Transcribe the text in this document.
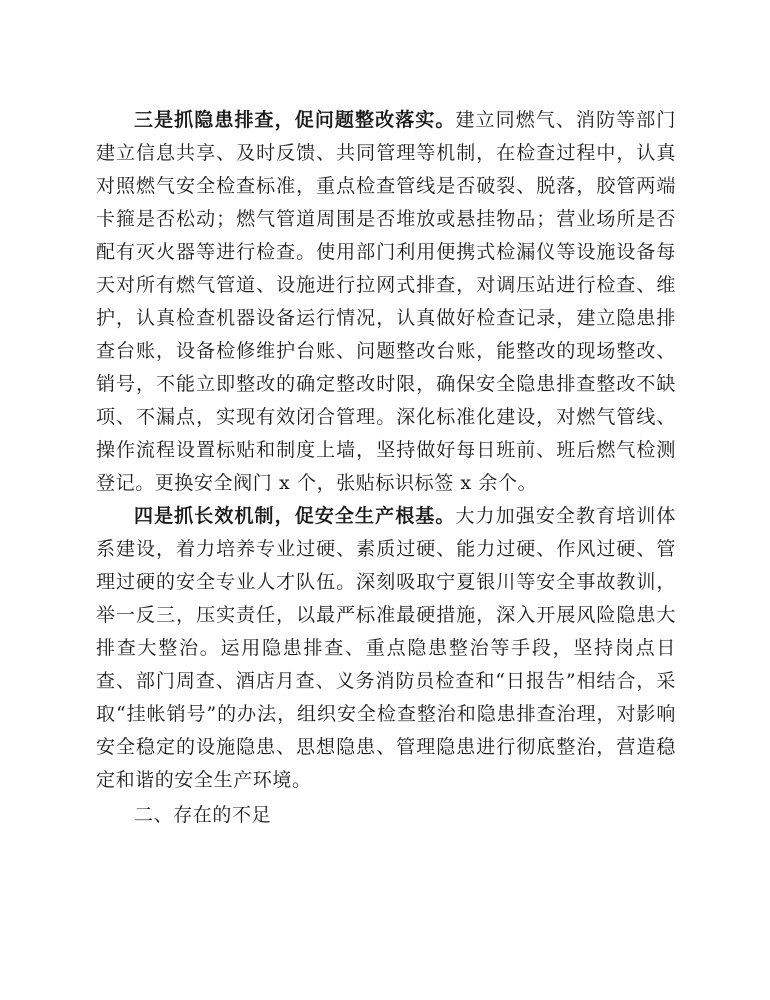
三是抓隐患排查，促问题整改落实。建立同燃气、消防等部门建立信息共享、及时反馈、共同管理等机制，在检查过程中，认真对照燃气安全检查标准，重点检查管线是否破裂、脱落，胶管两端卡箍是否松动；燃气管道周围是否堆放或悬挂物品；营业场所是否配有灭火器等进行检查。使用部门利用便携式检漏仪等设施设备每天对所有燃气管道、设施进行拉网式排查，对调压站进行检查、维护，认真检查机器设备运行情况，认真做好检查记录，建立隐患排查台账，设备检修维护台账、问题整改台账，能整改的现场整改、销号，不能立即整改的确定整改时限，确保安全隐患排查整改不缺项、不漏点，实现有效闭合管理。深化标准化建设，对燃气管线、操作流程设置标贴和制度上墙，坚持做好每日班前、班后燃气检测登记。更换安全阀门 x 个，张贴标识标签 x 余个。

四是抓长效机制，促安全生产根基。大力加强安全教育培训体系建设，着力培养专业过硬、素质过硬、能力过硬、作风过硬、管理过硬的安全专业人才队伍。深刻吸取宁夏银川等安全事故教训，举一反三，压实责任，以最严标准最硬措施，深入开展风险隐患大排查大整治。运用隐患排查、重点隐患整治等手段，坚持岗点日查、部门周查、酒店月查、义务消防员检查和“日报告”相结合，采取“挂帐销号”的办法，组织安全检查整治和隐患排查治理，对影响安全稳定的设施隐患、思想隐患、管理隐患进行彻底整治，营造稳定和谐的安全生产环境。

二、存在的不足
